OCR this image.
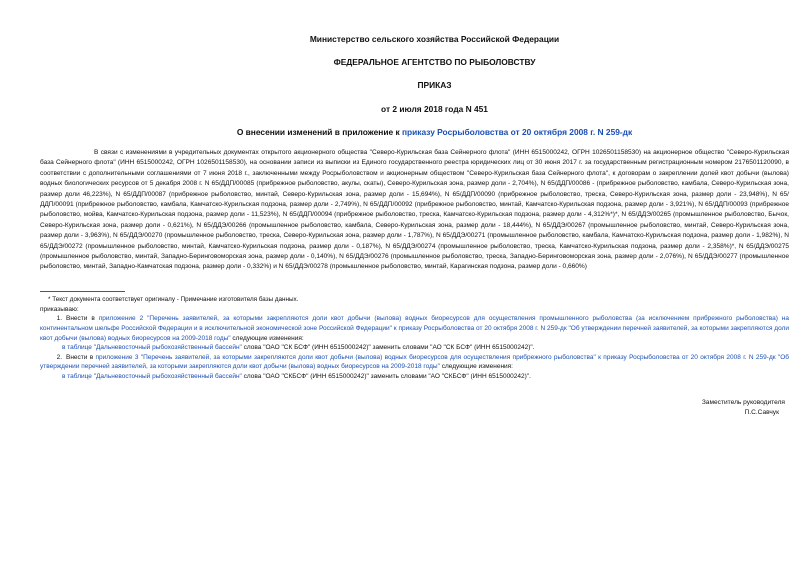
Министерство сельского хозяйства Российской Федерации
ФЕДЕРАЛЬНОЕ АГЕНТСТВО ПО РЫБОЛОВСТВУ
ПРИКАЗ
от 2 июля 2018 года N 451
О внесении изменений в приложение к приказу Росрыболовства от 20 октября 2008 г. N 259-дк
В связи с изменениями в учредительных документах открытого акционерного общества "Северо-Курильская база Сейнерного флота" (ИНН 6515000242, ОГРН 1026501158530) на акционерное общество "Северо-Курильская база Сейнерного флота" (ИНН 6515000242, ОГРН 1026501158530), на основании записи из выписки из Единого государственного реестра юридических лиц от 30 июня 2017 г. за государственным регистрационным номером 2176501120090, в соответствии с дополнительными соглашениями от 7 июня 2018 г., заключенными между Росрыболовством и акционерным обществом "Северо-Курильская база Сейнерного флота", к договорам о закреплении долей квот добычи (вылова) водных биологических ресурсов от 5 декабря 2008 г. N 65/ДДП/00085 (прибрежное рыболовство, акулы, скаты), Северо-Курильская зона, размер доли - 2,704%), N 65/ДДП/00086 - (прибрежное рыболовство, камбала, Северо-Курильская зона, размер доли 46,223%), N 65/ДДП/00087 (прибрежное рыболовство, минтай, Северо-Курильская зона, размер доли - 15,694%), N 65/ДДП/00090 (прибрежное рыболовство, треска, Северо-Курильская зона, размер доли - 23,948%), N 65/ДДП/00091 (прибрежное рыболовство, камбала, Камчатско-Курильская подзона, размер доли - 2,749%), N 65/ДДП/00092 (прибрежное рыболовство, минтай, Камчатско-Курильская подзона, размер доли - 3,921%), N 65/ДДП/00093 (прибрежное рыболовство, мойва, Камчатско-Курильская подзона, размер доли - 11,523%), N 65/ДДП/00094 (прибрежное рыболовство, треска, Камчатско-Курильская подзона, размер доли - 4,312%*)*, N 65/ДДЭ/00265 (промышленное рыболовство, Бычок, Северо-Курильская зона, размер доли - 0,621%), N 65/ДДЭ/00266 (промышленное рыболовство, камбала, Северо-Курильская зона, размер доли - 18,444%), N 65/ДДЭ/00267 (промышленное рыболовство, минтай, Северо-Курильская зона, размер доли - 3,963%), N 65/ДДЭ/00270 (промышленное рыболовство, треска, Северо-Курильская зона, размер доли - 1,787%), N 65/ДДЭ/00271 (промышленное рыболовство, камбала, Камчатско-Курильская подзона, размер доли - 1,982%), N 65/ДДЭ/00272 (промышленное рыболовство, минтай, Камчатско-Курильская подзона, размер доли - 0,187%), N 65/ДДЭ/00274 (промышленное рыболовство, треска, Камчатско-Курильская подзона, размер доли - 2,358%)*, N 65/ДДЭ/00275 (промышленное рыболовство, минтай, Западно-Беринговоморская зона, размер доли - 0,140%), N 65/ДДЭ/00276 (промышленное рыболовство, треска, Западно-Беринговоморская зона, размер доли - 2,076%), N 65/ДДЭ/00277 (промышленное рыболовство, минтай, Западно-Камчатская подзона, размер доли - 0,332%) и N 65/ДДЭ/00278 (промышленное рыболовство, минтай, Карагинская подзона, размер доли - 0,660%)
* Текст документа соответствует оригиналу - Примечание изготовителя базы данных.
приказываю:
1. Внести в приложение 2 "Перечень заявителей, за которыми закрепляются доли квот добычи (вылова) водных биоресурсов для осуществления промышленного рыболовства (за исключением прибрежного рыболовства) на континентальном шельфе Российской Федерации и в исключительной экономической зоне Российской Федерации" к приказу Росрыболовства от 20 октября 2008 г. N 259-дк "Об утверждении перечней заявителей, за которыми закрепляются доли квот добычи (вылова) водных биоресурсов на 2009-2018 годы" следующие изменения:
в таблице "Дальневосточный рыбохозяйственный бассейн" слова "ОАО "СК БСФ" (ИНН 6515000242)" заменить словами "АО "СК БСФ" (ИНН 6515000242)".
2. Внести в приложение 3 "Перечень заявителей, за которыми закрепляются доли квот добычи (вылова) водных биоресурсов для осуществления прибрежного рыболовства" к приказу Росрыболовства от 20 октября 2008 г. N 259-дк "Об утверждении перечней заявителей, за которыми закрепляются доли квот добычи (вылова) водных биоресурсов на 2009-2018 годы" следующие изменения:
в таблице "Дальневосточный рыбохозяйственный бассейн" слова "ОАО "СКБСФ" (ИНН 6515000242)" заменить словами "АО "СКБСФ" (ИНН 6515000242)".
Заместитель руководителя
П.С.Савчук
